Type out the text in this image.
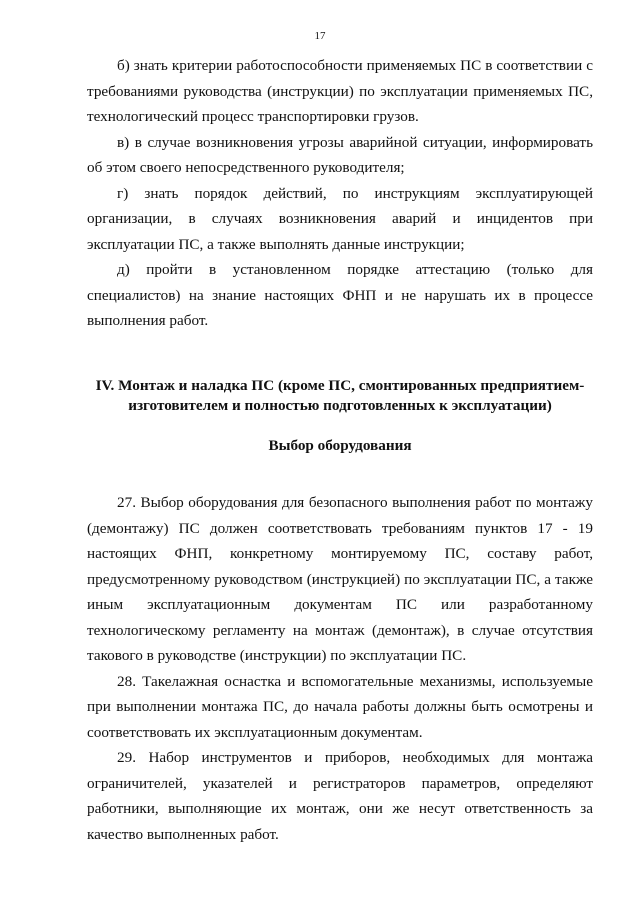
17

б) знать критерии работоспособности применяемых ПС в соответствии с требованиями руководства (инструкции) по эксплуатации применяемых ПС, технологический процесс транспортировки грузов.

в) в случае возникновения угрозы аварийной ситуации, информировать об этом своего непосредственного руководителя;

г) знать порядок действий, по инструкциям эксплуатирующей организации, в случаях возникновения аварий и инцидентов при эксплуатации ПС, а также выполнять данные инструкции;

д) пройти в установленном порядке аттестацию (только для специалистов) на знание настоящих ФНП и не нарушать их в процессе выполнения работ.

IV. Монтаж и наладка ПС (кроме ПС, смонтированных предприятием-изготовителем и полностью подготовленных к эксплуатации)
Выбор оборудования

27. Выбор оборудования для безопасного выполнения работ по монтажу (демонтажу) ПС должен соответствовать требованиям пунктов 17 - 19 настоящих ФНП, конкретному монтируемому ПС, составу работ, предусмотренному руководством (инструкцией) по эксплуатации ПС, а также иным эксплуатационным документам ПС или разработанному технологическому регламенту на монтаж (демонтаж), в случае отсутствия такового в руководстве (инструкции) по эксплуатации ПС.

28. Такелажная оснастка и вспомогательные механизмы, используемые при выполнении монтажа ПС, до начала работы должны быть осмотрены и соответствовать их эксплуатационным документам.

29. Набор инструментов и приборов, необходимых для монтажа ограничителей, указателей и регистраторов параметров, определяют работники, выполняющие их монтаж, они же несут ответственность за качество выполненных работ.
